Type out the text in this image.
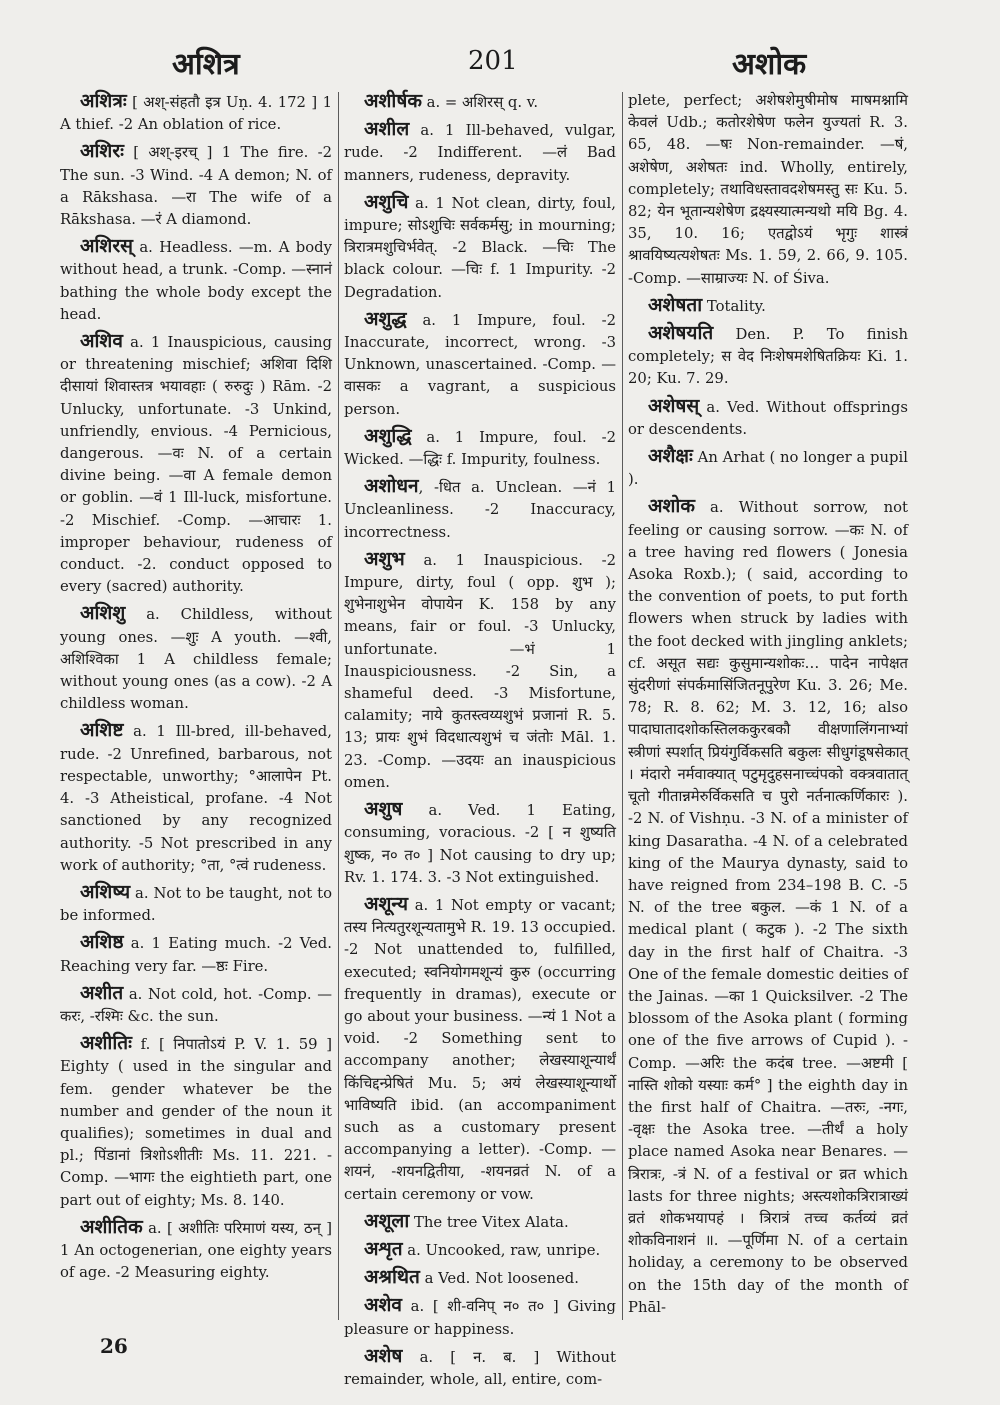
अशित्र	201	अशोक

अशित्रः [ अश्-संहतौ इत्र Uṇ. 4. 172 ] 1 A thief. -2 An oblation of rice.

अशिरः [ अश्-इरच् ] 1 The fire. -2 The sun. -3 Wind. -4 A demon; N. of a Rākshasa. —रा The wife of a Rākshasa. —रं A diamond.

अशिरस् a. Headless. —m. A body without head, a trunk. -Comp. —स्नानं bathing the whole body except the head.

अशिव a. 1 Inauspicious, causing or threatening mischief; अशिवा दिशि दीसायां शिवास्तत्र भयावहाः ( रुरुदुः ) Rām. -2 Unlucky, unfortunate. -3 Unkind, unfriendly, envious. -4 Pernicious, dangerous. —वः N. of a certain divine being. —वा A female demon or goblin. —वं 1 Ill-luck, misfortune. -2 Mischief. -Comp. —आचारः 1. improper behaviour, rudeness of conduct. -2. conduct opposed to every (sacred) authority.

अशिशु a. Childless, without young ones. —शुः A youth. —श्वी, अशिश्विका 1 A childless female; without young ones (as a cow). -2 A childless woman.

अशिष्ट a. 1 Ill-bred, ill-behaved, rude. -2 Unrefined, barbarous, not respectable, unworthy; °आलापेन Pt. 4. -3 Atheistical, profane. -4 Not sanctioned by any recognized authority. -5 Not prescribed in any work of authority; °ता, °त्वं rudeness.

अशिष्य a. Not to be taught, not to be informed.

अशिष्ठ a. 1 Eating much. -2 Ved. Reaching very far. —ष्ठः Fire.

अशीत a. Not cold, hot. -Comp. —करः, -रश्मिः &c. the sun.

अशीतिः f. [ निपातोऽयं P. V. 1. 59 ] Eighty ( used in the singular and fem. gender whatever be the number and gender of the noun it qualifies); sometimes in dual and pl.; पिंडानां त्रिशोऽशीतीः Ms. 11. 221. -Comp. —भागः the eightieth part, one part out of eighty; Ms. 8. 140.

अशीतिक a. [ अशीतिः परिमाणं यस्य, ठन् ] 1 An octogenerian, one eighty years of age. -2 Measuring eighty.

अशीर्षक a. = अशिरस् q. v.

अशील a. 1 Ill-behaved, vulgar, rude. -2 Indifferent. —लं Bad manners, rudeness, depravity.

अशुचि a. 1 Not clean, dirty, foul, impure; सोऽशुचिः सर्वकर्मसु; in mourning; त्रिरात्रमशुचिर्भवेत्. -2 Black. —चिः The black colour. —चिः f. 1 Impurity. -2 Degradation.

अशुद्ध a. 1 Impure, foul. -2 Inaccurate, incorrect, wrong. -3 Unknown, unascertained. -Comp. —वासकः a vagrant, a suspicious person.

अशुद्धि a. 1 Impure, foul. -2 Wicked. —द्धिः f. Impurity, foulness.

अशोधन, -धित a. Unclean. —नं 1 Uncleanliness. -2 Inaccuracy, incorrectness.

अशुभ a. 1 Inauspicious. -2 Impure, dirty, foul ( opp. शुभ ); शुभेनाशुभेन वोपायेन K. 158 by any means, fair or foul. -3 Unlucky, unfortunate. —भं 1 Inauspiciousness. -2 Sin, a shameful deed. -3 Misfortune, calamity; नाये कुतस्त्वय्यशुभं प्रजानां R. 5. 13; प्रायः शुभं विदधात्यशुभं च जंतोः Māl. 1. 23. -Comp. —उदयः an inauspicious omen.

अशुष a. Ved. 1 Eating, consuming, voracious. -2 [ न शुष्यति शुष्क, न० त० ] Not causing to dry up; Rv. 1. 174. 3. -3 Not extinguished.

अशून्य a. 1 Not empty or vacant; तस्य नित्यतुरशून्यतामुभे R. 19. 13 occupied. -2 Not unattended to, fulfilled, executed; स्वनियोगमशून्यं कुरु (occurring frequently in dramas), execute or go about your business. —न्यं 1 Not a void. -2 Something sent to accompany another; लेखस्याशून्यार्थं किंचिद्दन्प्रेषितं Mu. 5; अयं लेखस्याशून्यार्थो भाविष्यति ibid. (an accompaniment such as a customary present accompanying a letter). -Comp. —शयनं, -शयनद्वितीया, -शयनव्रतं N. of a certain ceremony or vow.

अशूला The tree Vitex Alata.

अशृत a. Uncooked, raw, unripe.

अश्रथित a Ved. Not loosened.

अशेव a. [ शी-वनिप् न० त० ] Giving pleasure or happiness.

अशेष a. [ न. ब. ] Without remainder, whole, all, entire, com-

plete, perfect; अशेषशेमुषीमोष माषमश्नामि केवलं Udb.; कतोरशेषेण फलेन युज्यतां R. 3. 65, 48. —षः Non-remainder. —षं, अशेषेण, अशेषतः ind. Wholly, entirely, completely; तथाविधस्तावदशेषमस्तु सः Ku. 5. 82; येन भूतान्यशेषेण द्रक्ष्यस्यात्मन्यथो मयि Bg. 4. 35, 10. 16; एतद्वोऽयं भृगुः शास्त्रं श्रावयिष्यत्यशेषतः Ms. 1. 59, 2. 66, 9. 105. -Comp. —साम्राज्यः N. of Śiva.

अशेषता Totality.

अशेषयति Den. P. To finish completely; स वेद निःशेषमशेषितक्रियः Ki. 1. 20; Ku. 7. 29.

अशेषस् a. Ved. Without offsprings or descendents.

अशैक्षः An Arhat ( no longer a pupil ).

अशोक a. Without sorrow, not feeling or causing sorrow. —कः N. of a tree having red flowers ( Jonesia Asoka Roxb.); ( said, according to the convention of poets, to put forth flowers when struck by ladies with the foot decked with jingling anklets; cf. असूत सद्यः कुसुमान्यशोकः… पादेन नापेक्षत सुंदरीणां संपर्कमासिंजितनूपुरेण Ku. 3. 26; Me. 78; R. 8. 62; M. 3. 12, 16; also पादाघातादशोकस्तिलककुरबकौ वीक्षणालिंगनाभ्यां स्त्रीणां स्पर्शात् प्रियंगुर्विकसति बकुलः सीधुगंडूषसेकात् । मंदारो नर्मवाक्यात् पटुमृदुहसनाच्चंपको वक्त्रवातात् चूतो गीतान्नमेरुर्विकसति च पुरो नर्तनात्कर्णिकारः ). -2 N. of Vishṇu. -3 N. of a minister of king Dasaratha. -4 N. of a celebrated king of the Maurya dynasty, said to have reigned from 234–198 B. C. -5 N. of the tree बकुल. —कं 1 N. of a medical plant ( कटुक ). -2 The sixth day in the first half of Chaitra. -3 One of the female domestic deities of the Jainas. —का 1 Quicksilver. -2 The blossom of the Asoka plant ( forming one of the five arrows of Cupid ). -Comp. —अरिः the कदंब tree. —अष्टमी [ नास्ति शोको यस्याः कर्म° ] the eighth day in the first half of Chaitra. —तरुः, -नगः, -वृक्षः the Asoka tree. —तीर्थं a holy place named Asoka near Benares. —त्रिरात्रः, -त्रं N. of a festival or व्रत which lasts for three nights; अस्त्यशोकत्रिरात्राख्यं व्रतं शोकभयापहं । त्रिरात्रं तच्च कर्तव्यं व्रतं शोकविनाशनं ॥. —पूर्णिमा N. of a certain holiday, a ceremony to be observed on the 15th day of the month of Phāl-

26
